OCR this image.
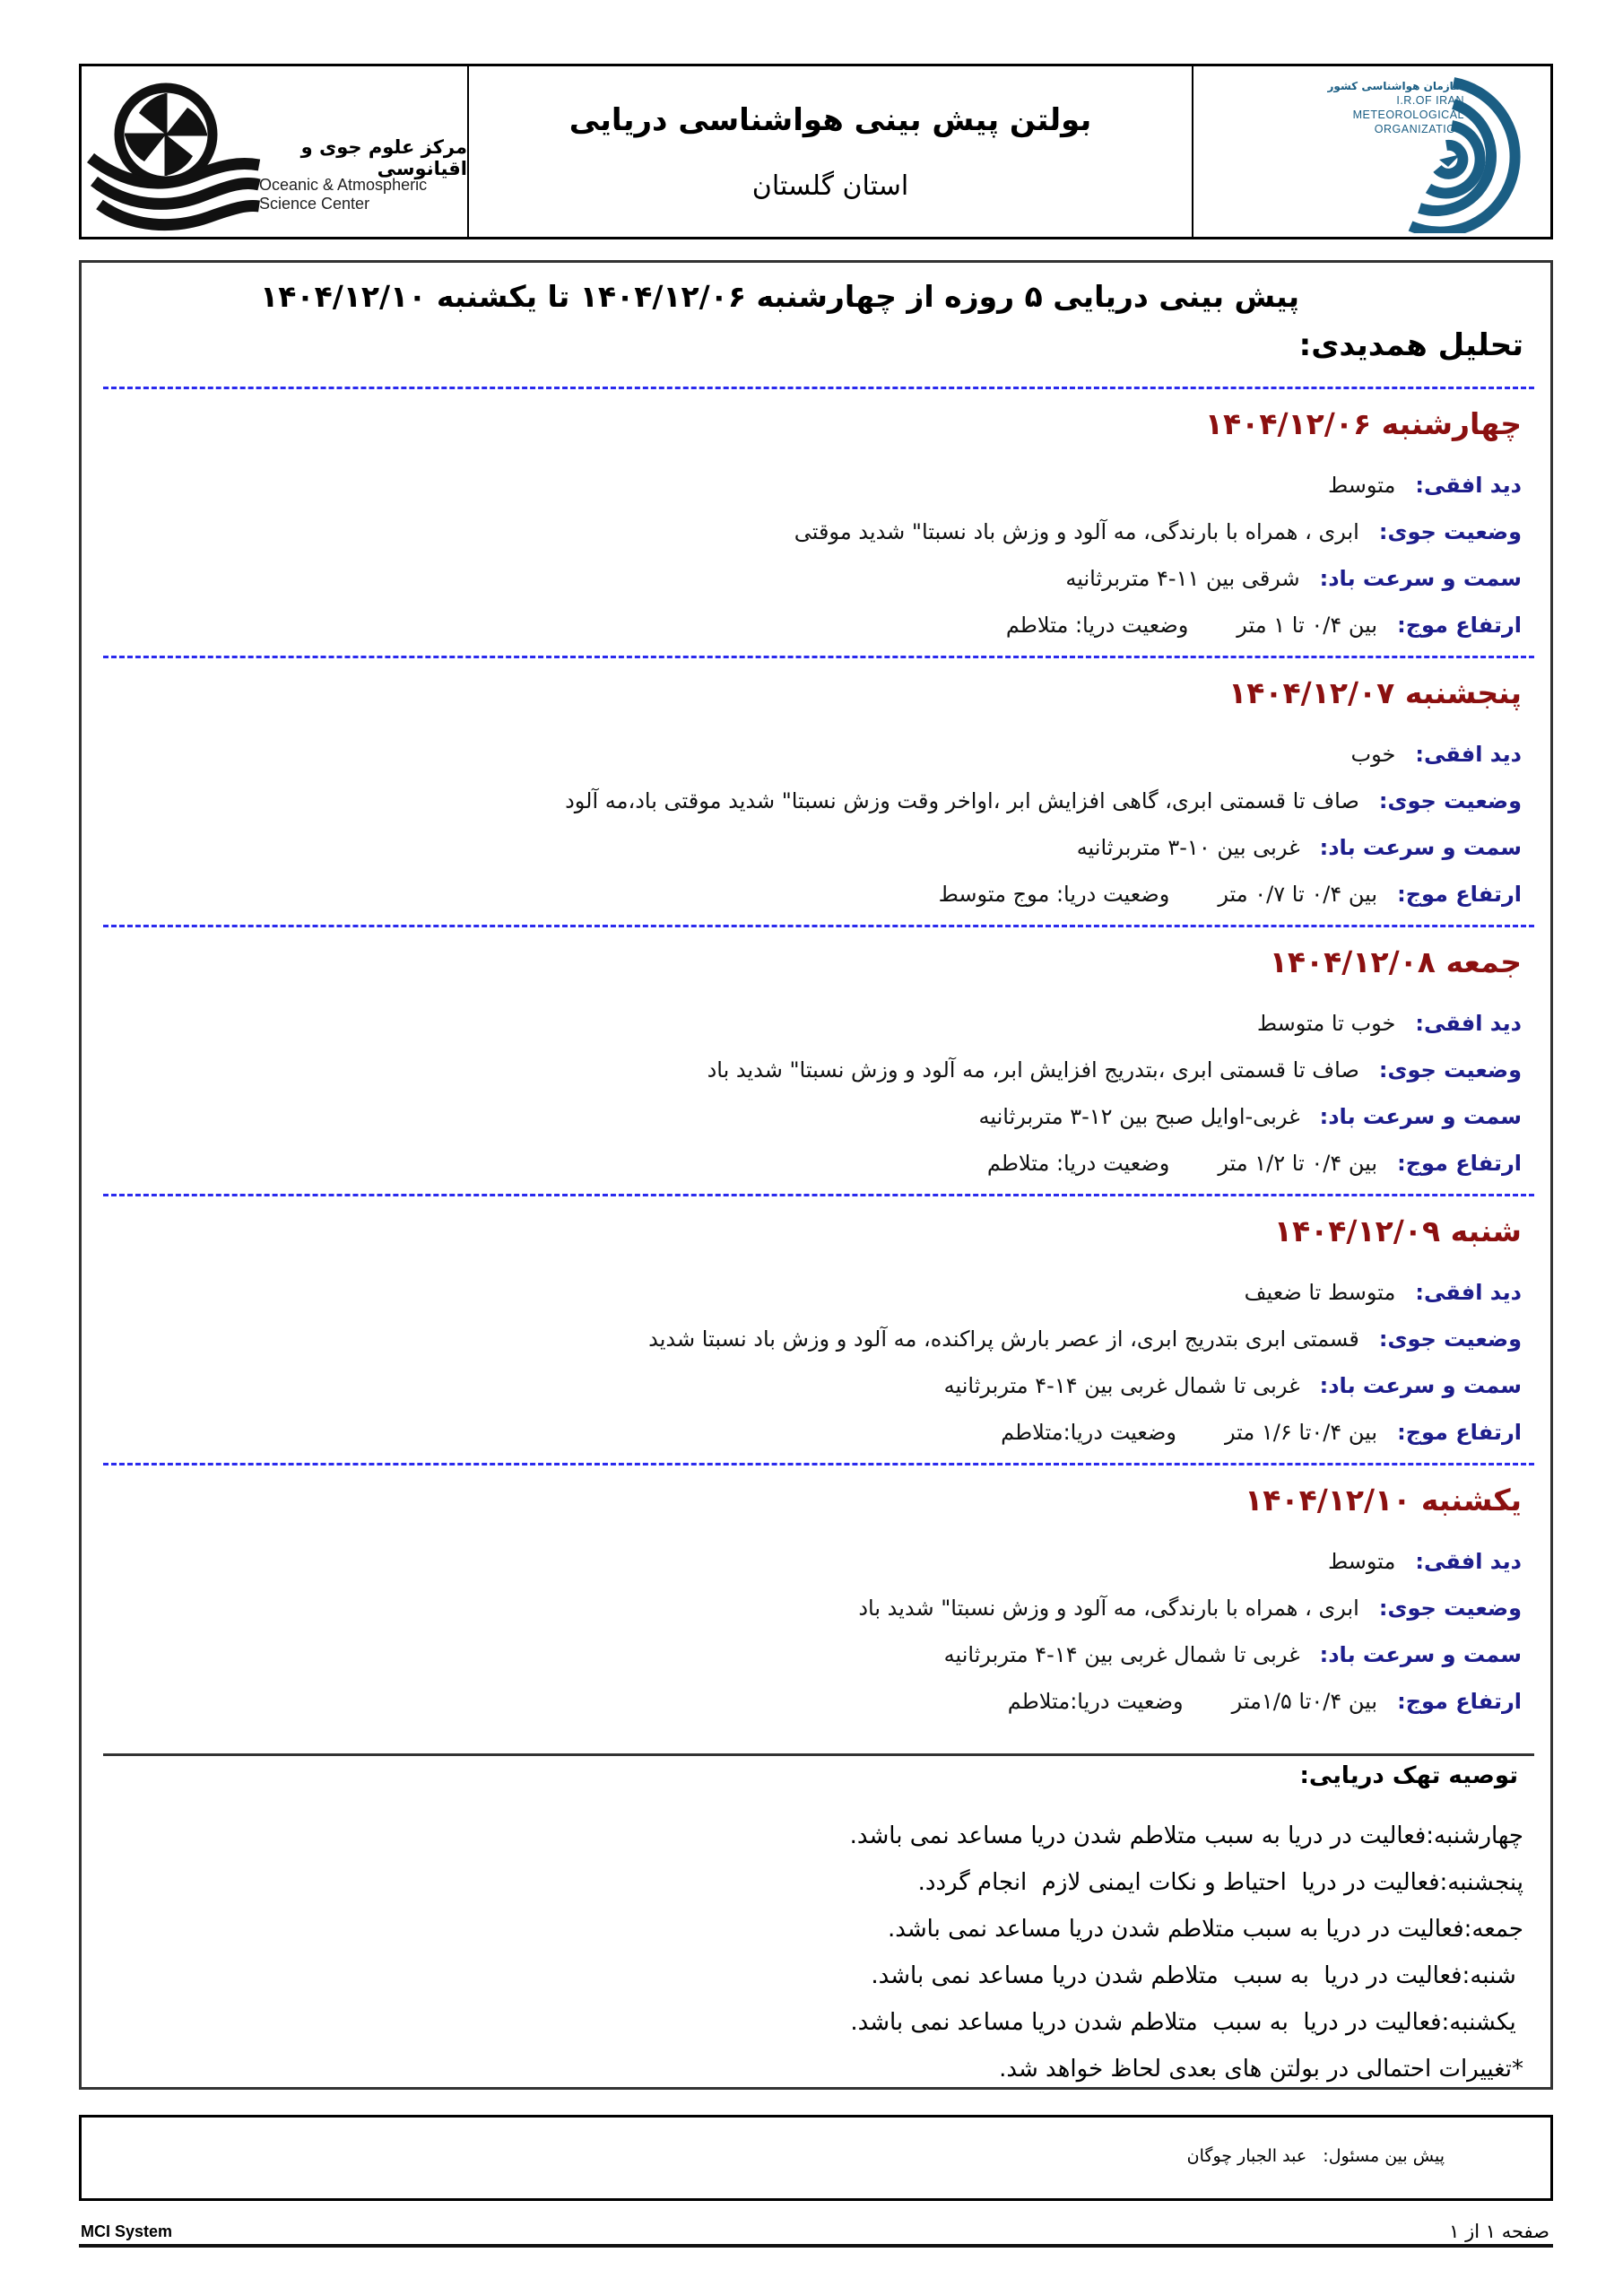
مرکز علوم جوی و اقیانوسی
Oceanic & Atmospheric
Science Center
بولتن پیش بینی هواشناسی دریایی
استان گلستان
سازمان هواشناسی کشور
I.R.OF IRAN
METEOROLOGICAL
ORGANIZATION
پیش بینی دریایی ۵ روزه از چهارشنبه ۱۴۰۴/۱۲/۰۶ تا یکشنبه ۱۴۰۴/۱۲/۱۰
تحلیل همدیدی:
چهارشنبه ۱۴۰۴/۱۲/۰۶
دید افقی:متوسط
وضعیت جوی:ابری ، همراه با بارندگی، مه آلود و وزش باد نسبتا" شدید موقتی
سمت و سرعت باد:شرقی بین ۱۱-۴ متربرثانیه
ارتفاع موج:بین ۰/۴ تا ۱ متروضعیت دریا: متلاطم
پنجشنبه ۱۴۰۴/۱۲/۰۷
دید افقی:خوب
وضعیت جوی:صاف تا قسمتی ابری، گاهی افزایش ابر ،اواخر وقت وزش نسبتا" شدید موقتی باد،مه آلود
سمت و سرعت باد:غربی بین ۱۰-۳ متربرثانیه
ارتفاع موج:بین ۰/۴ تا ۰/۷ متروضعیت دریا: موج متوسط
جمعه ۱۴۰۴/۱۲/۰۸
دید افقی:خوب تا متوسط
وضعیت جوی:صاف تا قسمتی ابری ،بتدریج افزایش ابر، مه آلود و وزش نسبتا" شدید باد
سمت و سرعت باد:غربی-اوایل صبح بین ۱۲-۳ متربرثانیه
ارتفاع موج:بین ۰/۴ تا ۱/۲ متروضعیت دریا: متلاطم
شنبه ۱۴۰۴/۱۲/۰۹
دید افقی:متوسط تا ضعیف
وضعیت جوی:قسمتی ابری بتدریج ابری، از عصر بارش پراکنده، مه آلود و وزش باد نسبتا شدید
سمت و سرعت باد:غربی تا شمال غربی بین ۱۴-۴ متربرثانیه
ارتفاع موج:بین ۰/۴تا ۱/۶ متروضعیت دریا:متلاطم
یکشنبه ۱۴۰۴/۱۲/۱۰
دید افقی:متوسط
وضعیت جوی:ابری ، همراه با بارندگی، مه آلود و وزش نسبتا" شدید باد
سمت و سرعت باد:غربی تا شمال غربی بین ۱۴-۴ متربرثانیه
ارتفاع موج:بین ۰/۴تا ۱/۵متروضعیت دریا:متلاطم
توصیه تهک دریایی:
چهارشنبه:فعالیت در دریا به سبب متلاطم شدن دریا مساعد نمی باشد.
پنجشنبه:فعالیت در دریا  احتیاط و نکات ایمنی لازم  انجام گردد.
جمعه:فعالیت در دریا به سبب متلاطم شدن دریا مساعد نمی باشد.
شنبه:فعالیت در دریا  به سبب  متلاطم شدن دریا مساعد نمی باشد.
یکشنبه:فعالیت در دریا  به سبب  متلاطم شدن دریا مساعد نمی باشد.
*تغییرات احتمالی در بولتن های بعدی لحاظ خواهد شد.
پیش بین مسئول:   عبد الجبار چوگان
MCI System	صفحه ۱ از ۱
